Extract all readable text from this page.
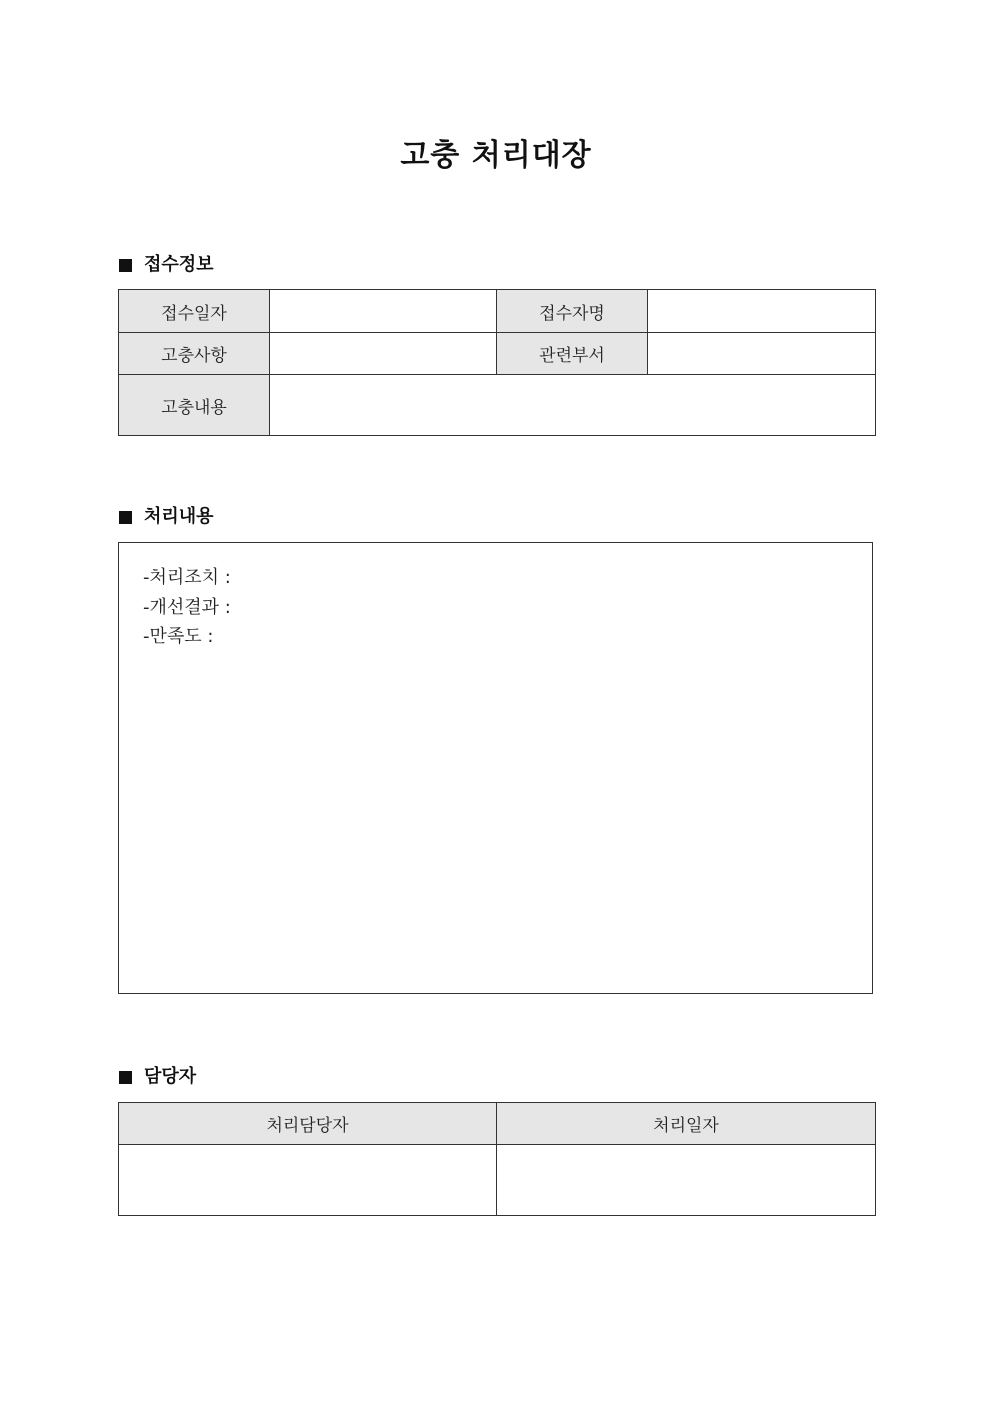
고충 처리대장
접수정보
접수일자		접수자명	
고충사항		관련부서	
고충내용			
처리내용
-처리조치 :
-개선결과 :
-만족도 :
담당자
처리담당자	처리일자
